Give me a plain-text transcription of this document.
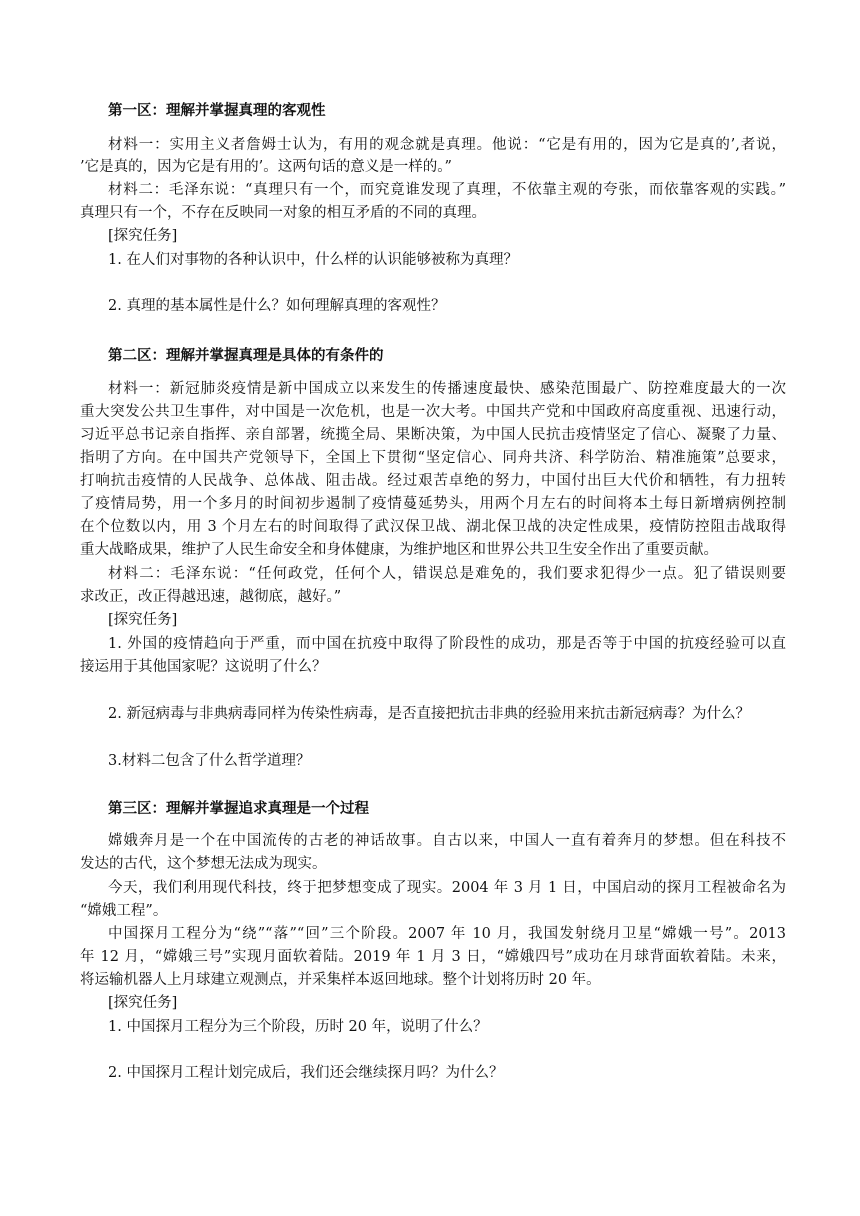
第一区：理解并掌握真理的客观性
材料一：实用主义者詹姆士认为，有用的观念就是真理。他说：“它是有用的，因为它是真的’,者说，
’它是真的，因为它是有用的’。这两句话的意义是一样的。”
材料二：毛泽东说：“真理只有一个，而究竟谁发现了真理，不依靠主观的夸张，而依靠客观的实践。”
真理只有一个，不存在反映同一对象的相互矛盾的不同的真理。
[探究任务]
1. 在人们对事物的各种认识中，什么样的认识能够被称为真理？
2. 真理的基本属性是什么？如何理解真理的客观性？
第二区：理解并掌握真理是具体的有条件的
材料一：新冠肺炎疫情是新中国成立以来发生的传播速度最快、感染范围最广、防控难度最大的一次
重大突发公共卫生事件，对中国是一次危机，也是一次大考。中国共产党和中国政府高度重视、迅速行动，
习近平总书记亲自指挥、亲自部署，统揽全局、果断决策，为中国人民抗击疫情坚定了信心、凝聚了力量、
指明了方向。在中国共产党领导下，全国上下贯彻“坚定信心、同舟共济、科学防治、精准施策”总要求，
打响抗击疫情的人民战争、总体战、阻击战。经过艰苦卓绝的努力，中国付出巨大代价和牺牲，有力扭转
了疫情局势，用一个多月的时间初步遏制了疫情蔓延势头，用两个月左右的时间将本土每日新增病例控制
在个位数以内，用 3 个月左右的时间取得了武汉保卫战、湖北保卫战的决定性成果，疫情防控阻击战取得
重大战略成果，维护了人民生命安全和身体健康，为维护地区和世界公共卫生安全作出了重要贡献。
材料二：毛泽东说：“任何政党，任何个人，错误总是难免的，我们要求犯得少一点。犯了错误则要
求改正，改正得越迅速，越彻底，越好。”
[探究任务]
1. 外国的疫情趋向于严重，而中国在抗疫中取得了阶段性的成功，那是否等于中国的抗疫经验可以直
接运用于其他国家呢？这说明了什么？
2. 新冠病毒与非典病毒同样为传染性病毒，是否直接把抗击非典的经验用来抗击新冠病毒？为什么？
3.材料二包含了什么哲学道理？
第三区：理解并掌握追求真理是一个过程
嫦娥奔月是一个在中国流传的古老的神话故事。自古以来，中国人一直有着奔月的梦想。但在科技不
发达的古代，这个梦想无法成为现实。
今天，我们利用现代科技，终于把梦想变成了现实。2004 年 3 月 1 日，中国启动的探月工程被命名为
“嫦娥工程”。
中国探月工程分为“绕”“落”“回”三个阶段。2007 年 10 月，我国发射绕月卫星“嫦娥一号”。2013
年 12 月，“嫦娥三号”实现月面软着陆。2019 年 1 月 3 日，“嫦娥四号”成功在月球背面软着陆。未来，
将运输机器人上月球建立观测点，并采集样本返回地球。整个计划将历时 20 年。
[探究任务]
1. 中国探月工程分为三个阶段，历时 20 年，说明了什么？
2. 中国探月工程计划完成后，我们还会继续探月吗？为什么？
